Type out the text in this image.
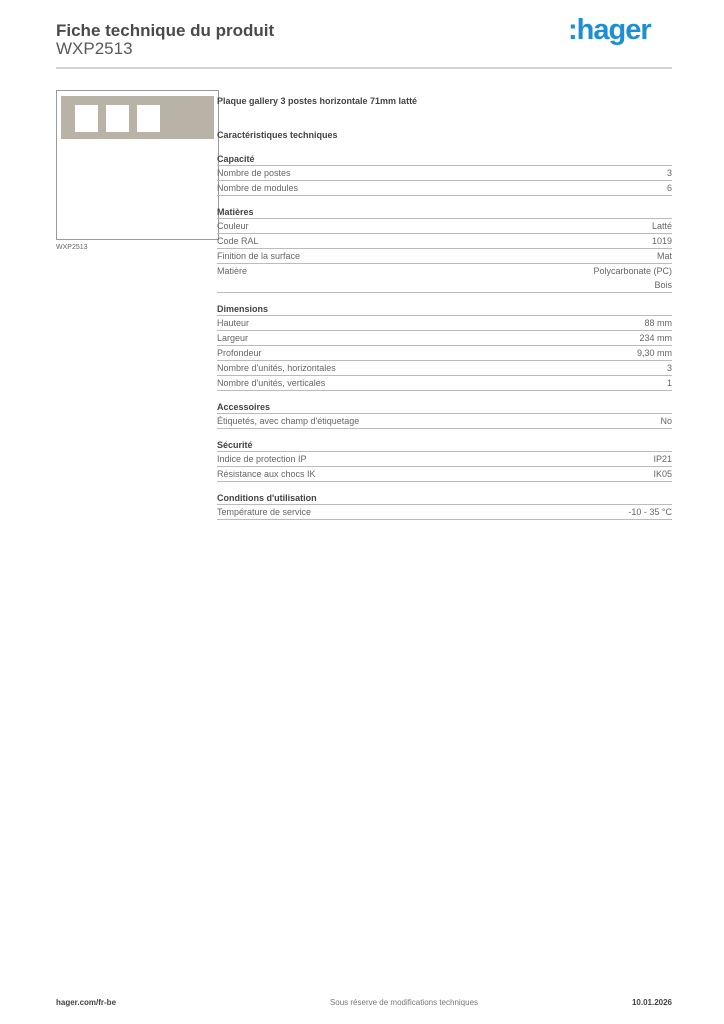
Fiche technique du produit
WXP2513
:hager
WXP2513
Plaque gallery 3 postes horizontale 71mm latté
Caractéristiques techniques
Capacité
Nombre de postes	3
Nombre de modules	6
Matières
Couleur	Latté
Code RAL	1019
Finition de la surface	Mat
Matière	Polycarbonate (PC)
Bois
Dimensions
Hauteur	88 mm
Largeur	234 mm
Profondeur	9,30 mm
Nombre d'unités, horizontales	3
Nombre d'unités, verticales	1
Accessoires
Étiquetés, avec champ d'étiquetage	No
Sécurité
Indice de protection IP	IP21
Résistance aux chocs IK	IK05
Conditions d'utilisation
Température de service	-10 - 35 °C
hager.com/fr-be	Sous réserve de modifications techniques	10.01.2026
